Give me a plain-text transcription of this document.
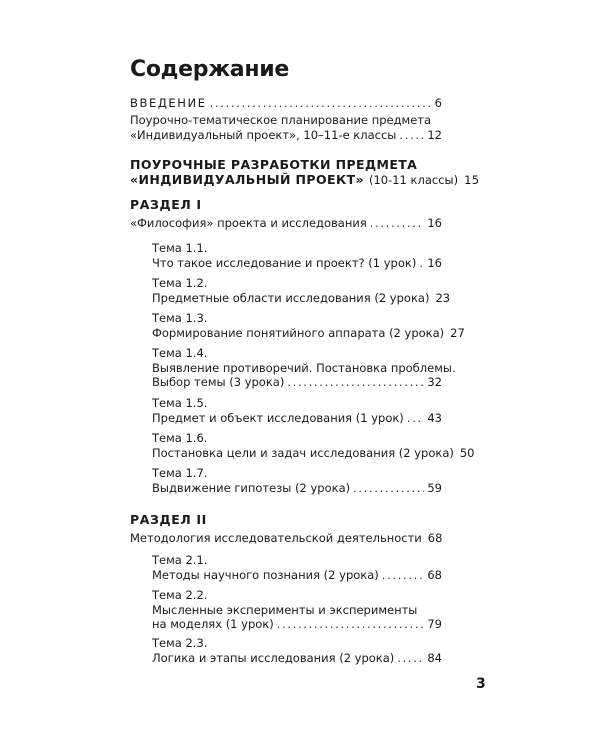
Содержание
ВВЕДЕНИЕ . . .	6
Поурочно-тематическое планирование предмета
«Индивидуальный проект», 10–11-е классы . . .	12
ПОУРОЧНЫЕ РАЗРАБОТКИ ПРЕДМЕТА
«ИНДИВИДУАЛЬНЫЙ ПРОЕКТ» (10-11 классы) 15
РАЗДЕЛ I
«Философия» проекта и исследования . . .	16
Тема 1.1.
Что такое исследование и проект? (1 урок) . . . 16
Тема 1.2.
Предметные области исследования (2 урока) 23
Тема 1.3.
Формирование понятийного аппарата (2 урока) 27
Тема 1.4.
Выявление противоречий. Постановка проблемы.
Выбор темы (3 урока) . . .	32
Тема 1.5.
Предмет и объект исследования (1 урок) . . . 43
Тема 1.6.
Постановка цели и задач исследования (2 урока) 50
Тема 1.7.
Выдвижение гипотезы (2 урока) . . .	59
РАЗДЕЛ II
Методология исследовательской деятельности 68
Тема 2.1.
Методы научного познания (2 урока) . . .	68
Тема 2.2.
Мысленные эксперименты и эксперименты
на моделях (1 урок) . . .	79
Тема 2.3.
Логика и этапы исследования (2 урока) . . .	84
3
